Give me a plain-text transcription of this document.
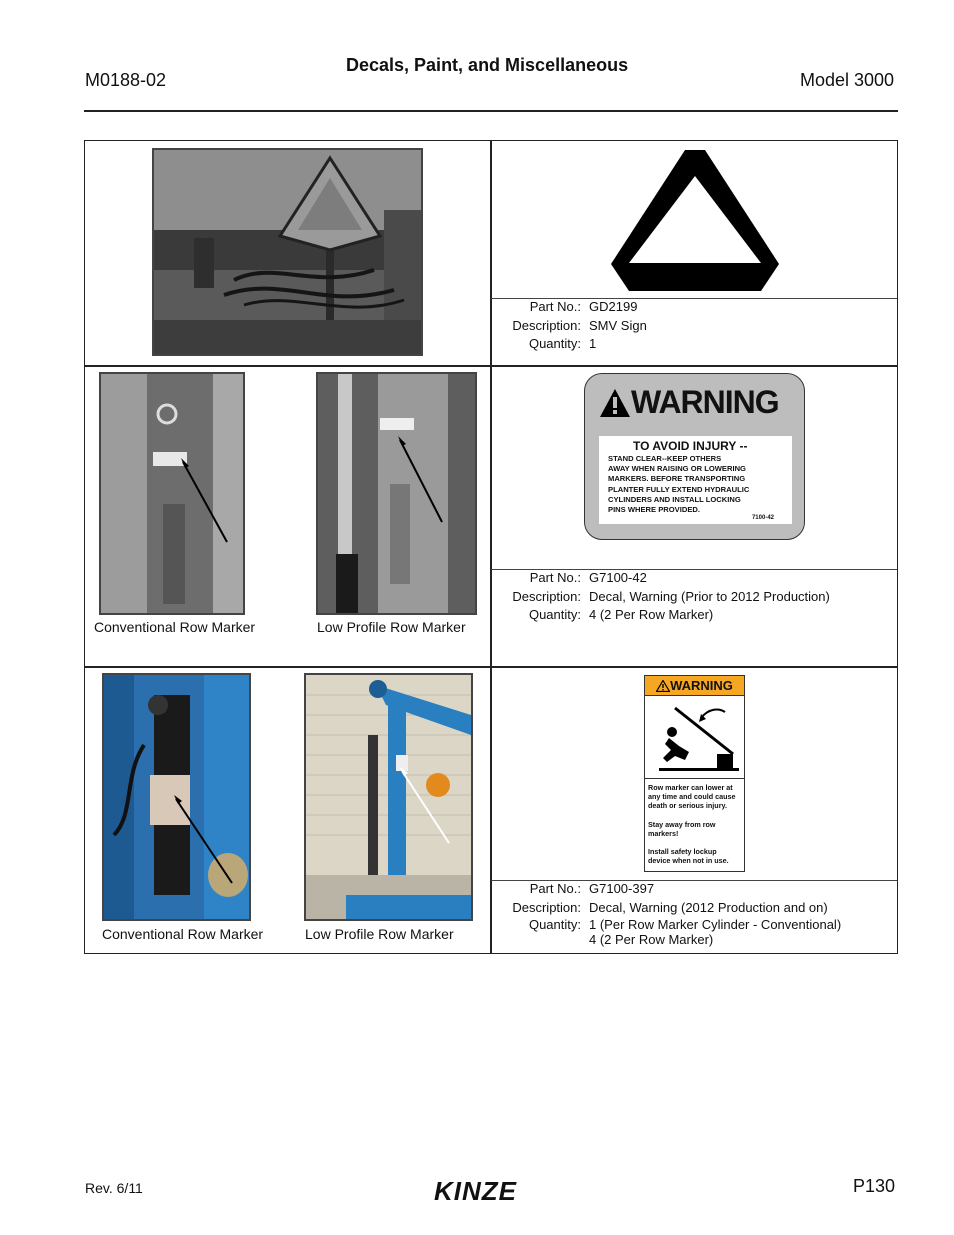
M0188-02
Decals, Paint, and Miscellaneous
Model 3000
Part No.: GD2199
Description: SMV Sign
Quantity: 1
Conventional Row Marker	Low Profile Row Marker
WARNING
TO AVOID INJURY --
STAND CLEAR--KEEP OTHERS
AWAY WHEN RAISING OR LOWERING
MARKERS. BEFORE TRANSPORTING
PLANTER FULLY EXTEND HYDRAULIC
CYLINDERS AND INSTALL LOCKING
PINS WHERE PROVIDED.
7100-42
Part No.: G7100-42
Description: Decal, Warning (Prior to 2012 Production)
Quantity: 4 (2 Per Row Marker)
Conventional Row Marker	Low Profile Row Marker
WARNING
Row marker can lower at any time and could cause death or serious injury.
Stay away from row markers!
Install safety lockup device when not in use.
Part No.: G7100-397
Description: Decal, Warning (2012 Production and on)
Quantity: 1 (Per Row Marker Cylinder - Conventional)
4 (2 Per Row Marker)
Rev. 6/11	KINZE	P130
